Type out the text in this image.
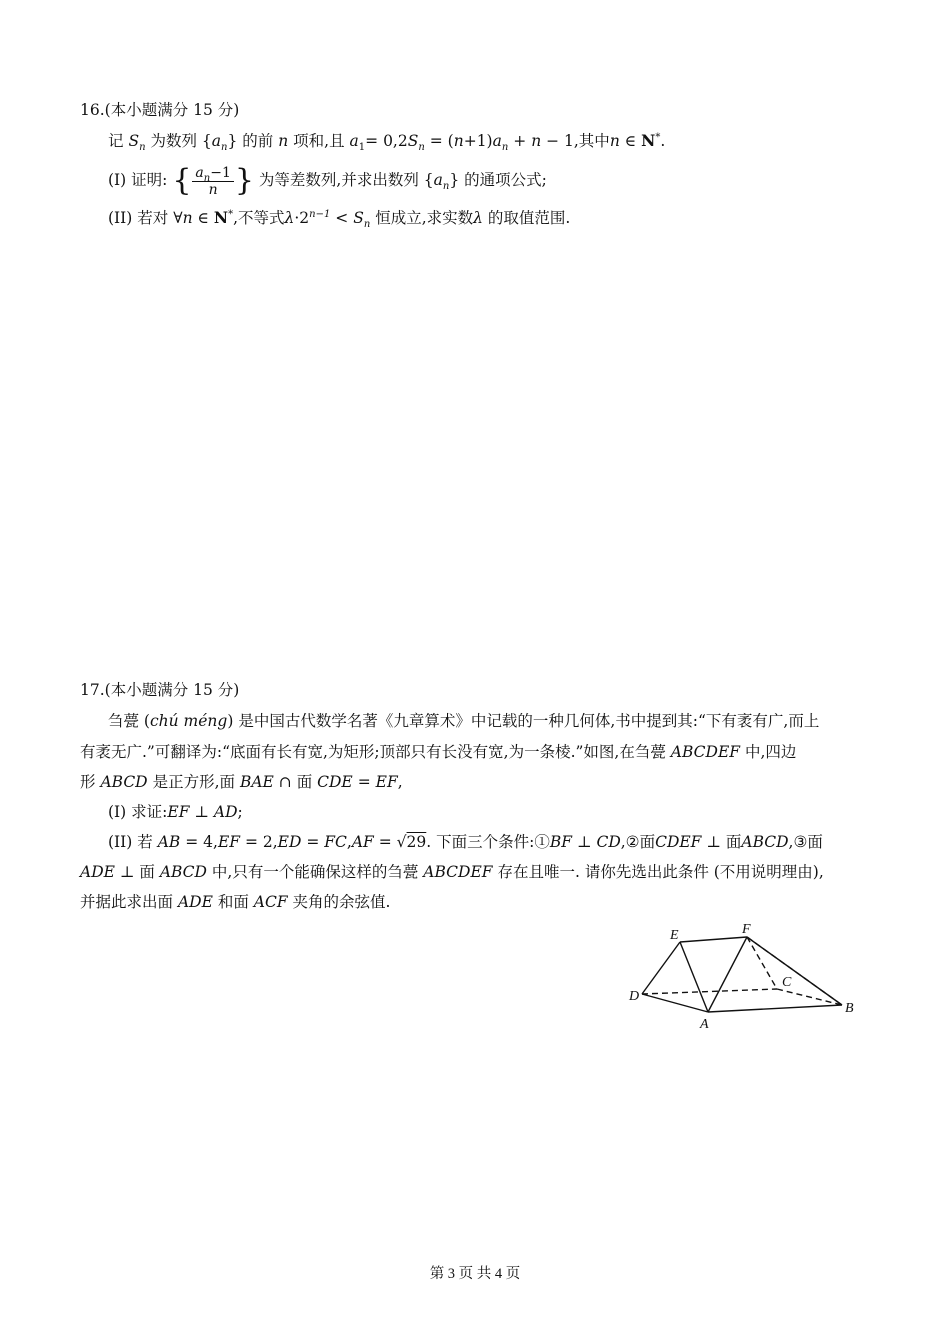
16.(本小题满分 15 分)
记 $S_n$ 为数列 $\{a_n\}$ 的前 n 项和,且 $a_1= 0,2S_n = (n+1)a_n + n - 1$,其中n ∈ N*.
(I) 证明: { $\frac{a_n-1}{n}$ } 为等差数列,并求出数列 $\{a_n\}$ 的通项公式;
(II) 若对 ∀n ∈ N*,不等式$\lambda\cdot 2^{n-1} < S_n$ 恒成立,求实数λ 的取值范围.
17.(本小题满分 15 分)
刍甍 (chú méng) 是中国古代数学名著《九章算术》中记载的一种几何体,书中提到其:“下有袤有广,而上
有袤无广.”可翻译为:“底面有长有宽,为矩形;顶部只有长没有宽,为一条棱.”如图,在刍甍 ABCDEF 中,四边
形 ABCD 是正方形,面 BAE ∩ 面 CDE = EF,
(I) 求证:EF ⊥ AD;
(II) 若 AB = 4,EF = 2,ED = FC,AF = √29. 下面三个条件:①BF ⊥ CD,②面CDEF ⊥ 面ABCD,③面
ADE ⊥ 面 ABCD 中,只有一个能确保这样的刍甍 ABCDEF 存在且唯一. 请你先选出此条件 (不用说明理由),
并据此求出面 ADE 和面 ACF 夹角的余弦值.
E	F
C
D
A
B
第 3 页 共 4 页
